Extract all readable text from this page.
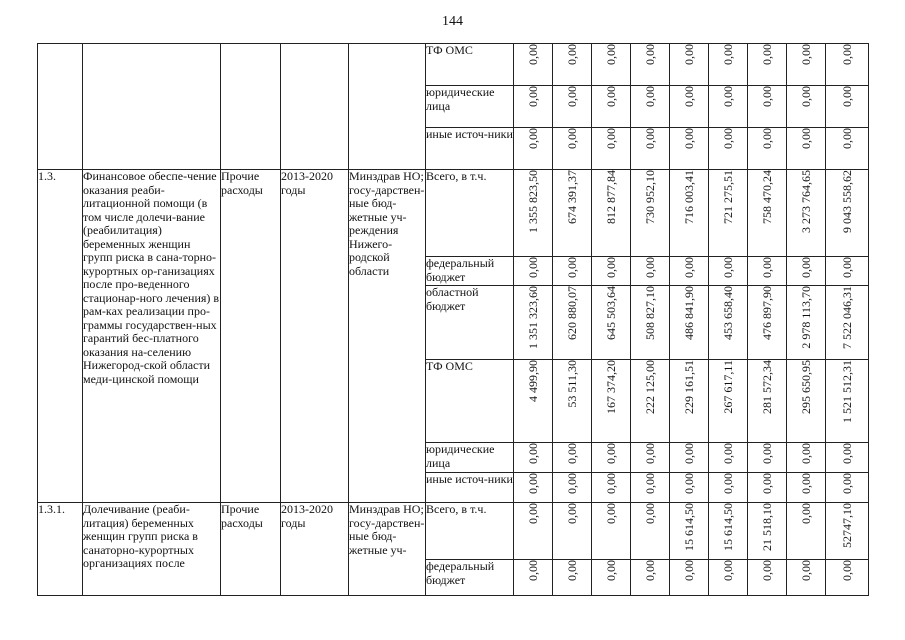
144
					ТФ ОМС	0,00	0,00	0,00	0,00	0,00	0,00	0,00	0,00	0,00

					юридические лица	0,00	0,00	0,00	0,00	0,00	0,00	0,00	0,00	0,00

					иные источ-ники	0,00	0,00	0,00	0,00	0,00	0,00	0,00	0,00	0,00

1.3.	Финансовое обеспе-чение оказания реаби-литационной помощи (в том числе долечи-вание (реабилитация) беременных женщин групп риска в сана-торно-курортных ор-ганизациях после про-веденного стационар-ного лечения) в рам-ках реализации про-граммы государствен-ных гарантий бес-платного оказания на-селению Нижегород-ской области меди-цинской помощи	Прочие расходы	2013-2020 годы	Минздрав НО; госу-дарствен-ные бюд-жетные уч-реждения Нижего-родской области	Всего, в т.ч.	1 355 823,50	674 391,37	812 877,84	730 952,10	716 003,41	721 275,51	758 470,24	3 273 764,65	9 043 558,62

					федеральный бюджет	0,00	0,00	0,00	0,00	0,00	0,00	0,00	0,00	0,00

					областной бюджет	1 351 323,60	620 880,07	645 503,64	508 827,10	486 841,90	453 658,40	476 897,90	2 978 113,70	7 522 046,31

					ТФ ОМС	4 499,90	53 511,30	167 374,20	222 125,00	229 161,51	267 617,11	281 572,34	295 650,95	1 521 512,31

					юридические лица	0,00	0,00	0,00	0,00	0,00	0,00	0,00	0,00	0,00

					иные источ-ники	0,00	0,00	0,00	0,00	0,00	0,00	0,00	0,00	0,00

1.3.1.	Долечивание (реаби-литация) беременных женщин групп риска в санаторно-курортных организациях после	Прочие расходы	2013-2020 годы	Минздрав НО; госу-дарствен-ные бюд-жетные уч-	Всего, в т.ч.	0,00	0,00	0,00	0,00	15 614,50	15 614,50	21 518,10	0,00	52747,10

					федеральный бюджет	0,00	0,00	0,00	0,00	0,00	0,00	0,00	0,00	0,00
